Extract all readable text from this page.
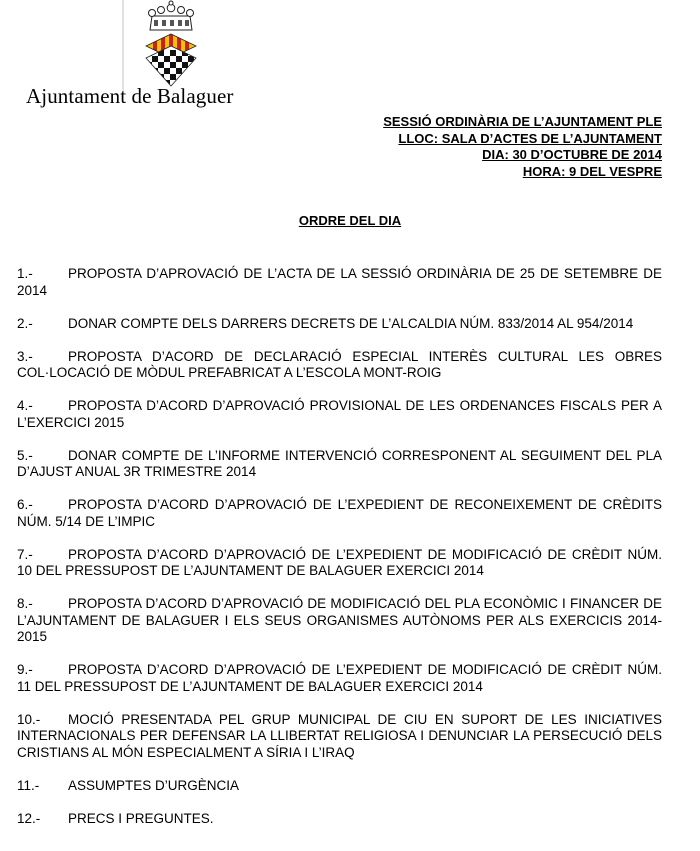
Ajuntament de Balaguer
SESSIÓ ORDINÀRIA DE L’AJUNTAMENT PLE
LLOC: SALA D’ACTES DE L’AJUNTAMENT
DIA: 30 D’OCTUBRE DE 2014
HORA: 9 DEL VESPRE
ORDRE DEL DIA

1.-	PROPOSTA D’APROVACIÓ DE L’ACTA DE LA SESSIÓ ORDINÀRIA DE 25 DE SETEMBRE DE 2014

2.-	DONAR COMPTE DELS DARRERS DECRETS DE L’ALCALDIA NÚM. 833/2014 AL 954/2014

3.-	PROPOSTA D’ACORD DE DECLARACIÓ ESPECIAL INTERÈS CULTURAL LES OBRES COL·LOCACIÓ DE MÒDUL PREFABRICAT A L’ESCOLA MONT-ROIG

4.-	PROPOSTA D’ACORD D’APROVACIÓ PROVISIONAL DE LES ORDENANCES FISCALS PER A L’EXERCICI 2015

5.-	DONAR COMPTE DE L’INFORME INTERVENCIÓ CORRESPONENT AL SEGUIMENT DEL PLA D’AJUST ANUAL 3R TRIMESTRE 2014

6.-	PROPOSTA D’ACORD D’APROVACIÓ DE L’EXPEDIENT DE RECONEIXEMENT DE CRÈDITS NÚM. 5/14 DE L’IMPIC

7.-	PROPOSTA D’ACORD D’APROVACIÓ DE L’EXPEDIENT DE MODIFICACIÓ DE CRÈDIT NÚM. 10 DEL PRESSUPOST DE L’AJUNTAMENT DE BALAGUER EXERCICI 2014

8.-	PROPOSTA D’ACORD D’APROVACIÓ DE MODIFICACIÓ DEL PLA ECONÒMIC I FINANCER DE L’AJUNTAMENT DE BALAGUER I ELS SEUS ORGANISMES AUTÒNOMS PER ALS EXERCICIS 2014-2015

9.-	PROPOSTA D’ACORD D’APROVACIÓ DE L’EXPEDIENT DE MODIFICACIÓ DE CRÈDIT NÚM. 11 DEL PRESSUPOST DE L’AJUNTAMENT DE BALAGUER EXERCICI 2014

10.- MOCIÓ PRESENTADA PEL GRUP MUNICIPAL DE CIU EN SUPORT DE LES INICIATIVES INTERNACIONALS PER DEFENSAR LA LLIBERTAT RELIGIOSA I DENUNCIAR LA PERSECUCIÓ DELS CRISTIANS AL MÓN ESPECIALMENT A SÍRIA I L’IRAQ

11.- ASSUMPTES D’URGÈNCIA

12.- PRECS I PREGUNTES.
